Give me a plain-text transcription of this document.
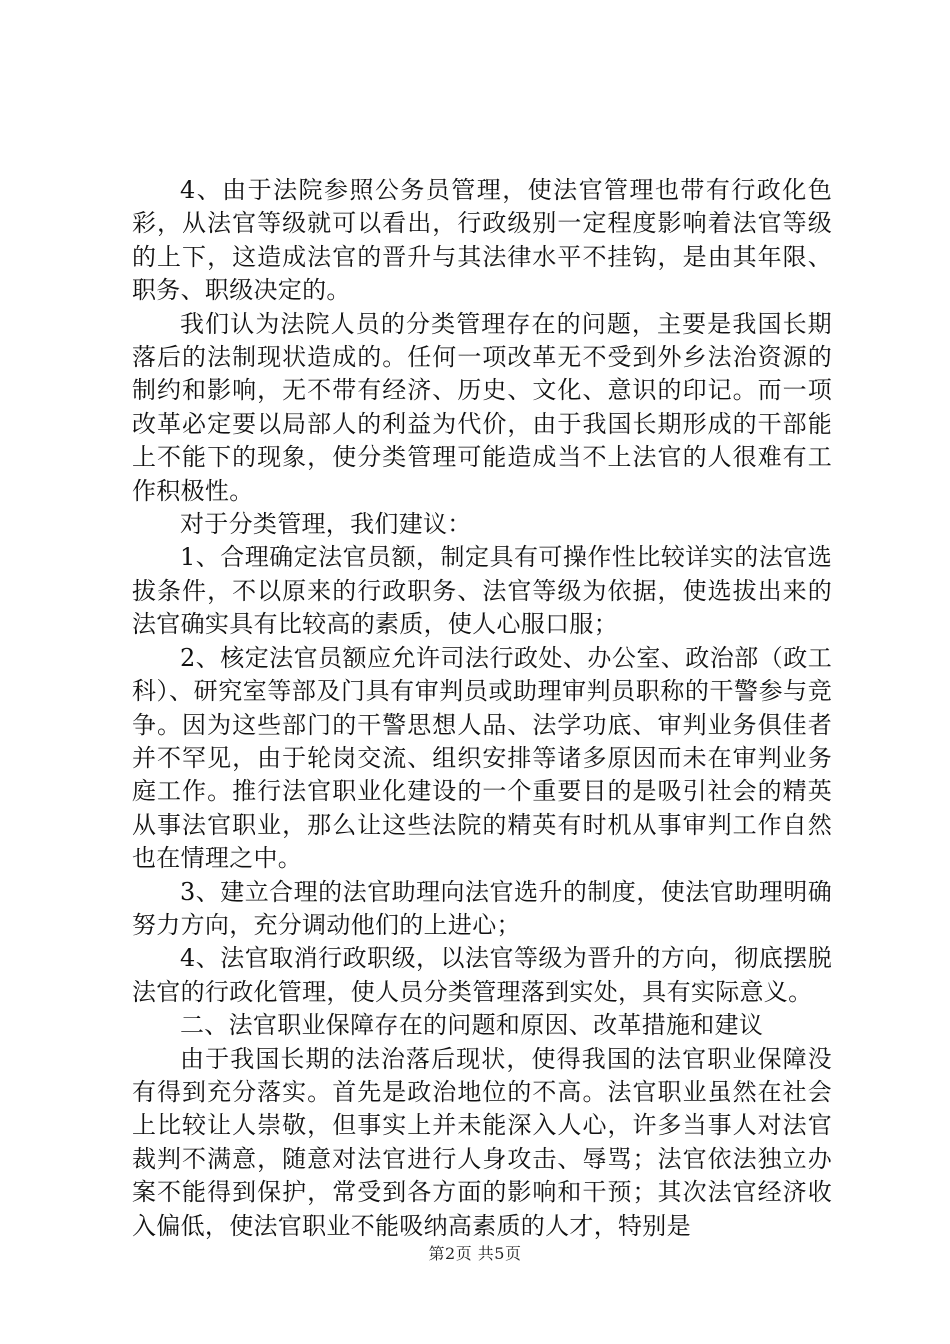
4、由于法院参照公务员管理，使法官管理也带有行政化色彩，从法官等级就可以看出，行政级别一定程度影响着法官等级的上下，这造成法官的晋升与其法律水平不挂钩，是由其年限、职务、职级决定的。

我们认为法院人员的分类管理存在的问题，主要是我国长期落后的法制现状造成的。任何一项改革无不受到外乡法治资源的制约和影响，无不带有经济、历史、文化、意识的印记。而一项改革必定要以局部人的利益为代价，由于我国长期形成的干部能上不能下的现象，使分类管理可能造成当不上法官的人很难有工作积极性。

对于分类管理，我们建议：

1、合理确定法官员额，制定具有可操作性比较详实的法官选拔条件，不以原来的行政职务、法官等级为依据，使选拔出来的法官确实具有比较高的素质，使人心服口服；

2、核定法官员额应允许司法行政处、办公室、政治部（政工科）、研究室等部及门具有审判员或助理审判员职称的干警参与竞争。因为这些部门的干警思想人品、法学功底、审判业务俱佳者并不罕见，由于轮岗交流、组织安排等诸多原因而未在审判业务庭工作。推行法官职业化建设的一个重要目的是吸引社会的精英从事法官职业，那么让这些法院的精英有时机从事审判工作自然也在情理之中。

3、建立合理的法官助理向法官选升的制度，使法官助理明确努力方向，充分调动他们的上进心；

4、法官取消行政职级，以法官等级为晋升的方向，彻底摆脱法官的行政化管理，使人员分类管理落到实处，具有实际意义。

二、法官职业保障存在的问题和原因、改革措施和建议

由于我国长期的法治落后现状，使得我国的法官职业保障没有得到充分落实。首先是政治地位的不高。法官职业虽然在社会上比较让人崇敬，但事实上并未能深入人心，许多当事人对法官裁判不满意，随意对法官进行人身攻击、辱骂；法官依法独立办案不能得到保护，常受到各方面的影响和干预；其次法官经济收入偏低，使法官职业不能吸纳高素质的人才，特别是

第2页 共5页
